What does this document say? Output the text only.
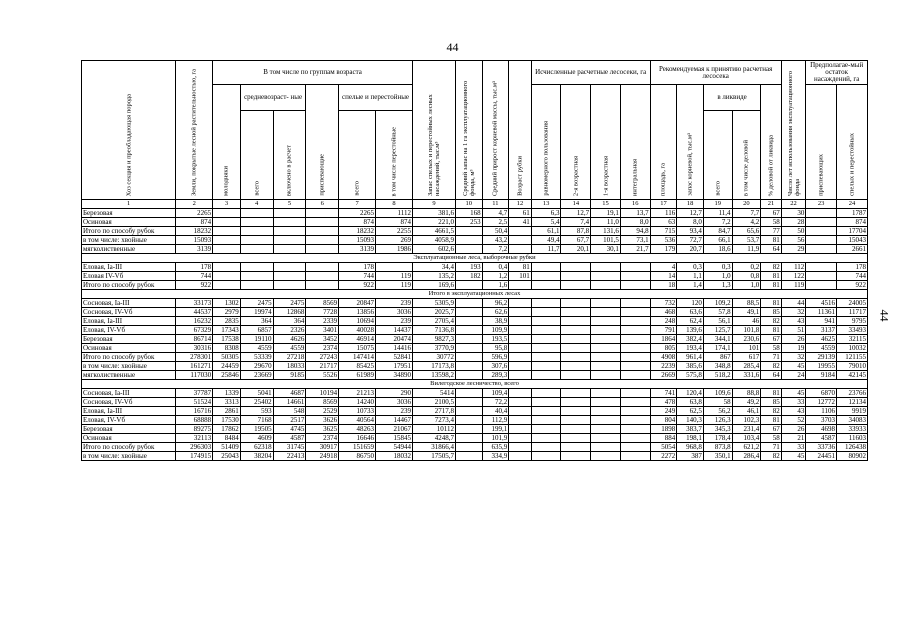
44
44
Хоз секция и преобладающая порода	Земли, покрытые лесной растительностью, га	В том числе по группам возраста						Запас спелых и перестойных лесных насаждений, тыс.м³	Средний запас на 1 га эксплуатационного фонда, м³	Средний прирост корневой массы, тыс.м³	Возраст рубки	Исчисленные расчетные лесосеки, га				Рекомендуемая к принятию расчетная лесосека					Число лет использования эксплуатационного фонда	Предполагае-мый остаток насаждений, га	

		молодняки	средневозраст- ные		приспевающие	спелые и перестойные						равномерного пользования	2-я возрастная	1-я возрастная	интегральная	площадь, га	запас корневой, тыс.м³	в ликвиде		% деловой от ликвида		приспевающих	спелых и перестойных

			всего	включено в расчет		всего	в том числе перестойные											всего	в том числе деловой				

1	2	3	4	5	6	7	8	9	10	11	12	13	14	15	16	17	18	19	20	21	22	23	24
Березовая	2265					2265	1112	381,6	168	4,7	61	6,3	12,7	19,1	13,7	116	12,7	11,4	7,7	67	30		1787
Осиновая	874					874	874	221,0	253	2,5	41	5,4	7,4	11,0	8,0	63	8,0	7,2	4,2	58	28		874
Итого по способу рубок	18232					18232	2255	4661,5		50,4		61,1	87,8	131,6	94,8	715	93,4	84,7	65,6	77	50		17704
в том числе: хвойные	15093					15093	269	4058,9		43,2		49,4	67,7	101,5	73,1	536	72,7	66,1	53,7	81	56		15043
мягколиственные	3139					3139	1986	602,6		7,2		11,7	20,1	30,1	21,7	179	20,7	18,6	11,9	64	29		2661
Эксплуатационные леса, выборочные рубки																							
Еловая, Ia-III	178					178		34,4	193	0,4	81					4	0,3	0,3	0,2	82	112		178
Еловая IV-Vб	744					744	119	135,2	182	1,2	101					14	1,1	1,0	0,8	81	122		744
Итого по способу рубок	922					922	119	169,6		1,6						18	1,4	1,3	1,0	81	119		922
Итого в эксплуатационных лесах																							
Сосновая, Ia-III	33173	1302	2475	2475	8569	20847	239	5305,9		96,2						732	120	109,2	88,5	81	44	4516	24005
Сосновая, IV-Vб	44537	2979	19974	12868	7728	13856	3036	2025,7		62,6						468	63,6	57,8	49,1	85	32	11361	11717
Еловая, Ia-III	16232	2835	364	364	2339	10694	239	2705,4		38,9						248	62,4	56,1	46	82	43	941	9795
Еловая, IV-Vб	67329	17343	6857	2326	3401	40028	14437	7136,8		109,9						791	139,6	125,7	101,8	81	51	3137	33493
Березовая	86714	17538	19110	4626	3452	46914	20474	9827,3		193,5						1864	382,4	344,1	230,6	67	26	4625	32115
Осиновая	30316	8308	4559	4559	2374	15075	14416	3770,9		95,8						805	193,4	174,1	101	58	19	4559	10032
Итого по способу рубок	278301	50305	53339	27218	27243	147414	52841	30772		596,9						4908	961,4	867	617	71	32	29139	121155
в том числе: хвойные	161271	24459	29670	18033	21717	85425	17951	17173,8		307,6						2239	385,6	348,8	285,4	82	45	19955	79010
мягколиственные	117030	25846	23669	9185	5526	61989	34890	13598,2		289,3						2669	575,8	518,2	331,6	64	24	9184	42145
Вилегодское лесничество, всего																							
Сосновая, Ia-III	37787	1339	5041	4687	10194	21213	290	5414		109,4						741	120,4	109,6	88,8	81	45	6870	23766
Сосновая, IV-Vб	51524	3313	25402	14661	8569	14240	3036	2100,5		72,2						478	63,8	58	49,2	85	33	12772	12134
Еловая, Ia-III	16716	2861	593	548	2529	10733	239	2717,8		40,4						249	62,5	56,2	46,1	82	43	1106	9919
Еловая, IV-Vб	68888	17530	7168	2517	3626	40564	14467	7273,4		112,9						804	140,3	126,3	102,3	81	52	3703	34083
Березовая	89275	17862	19505	4745	3625	48263	21067	10112		199,1						1898	383,7	345,3	231,4	67	26	4698	33933
Осиновая	32113	8484	4609	4587	2374	16646	15845	4248,7		101,9						884	198,1	178,4	103,4	58	21	4587	11603
Итого по способу рубок	296303	51409	62318	31745	30917	151659	54944	31866,4		635,9						5054	968,8	873,8	621,2	71	33	33736	126438
в том числе: хвойные	174915	25043	38204	22413	24918	86750	18032	17505,7		334,9						2272	387	350,1	286,4	82	45	24451	80902
